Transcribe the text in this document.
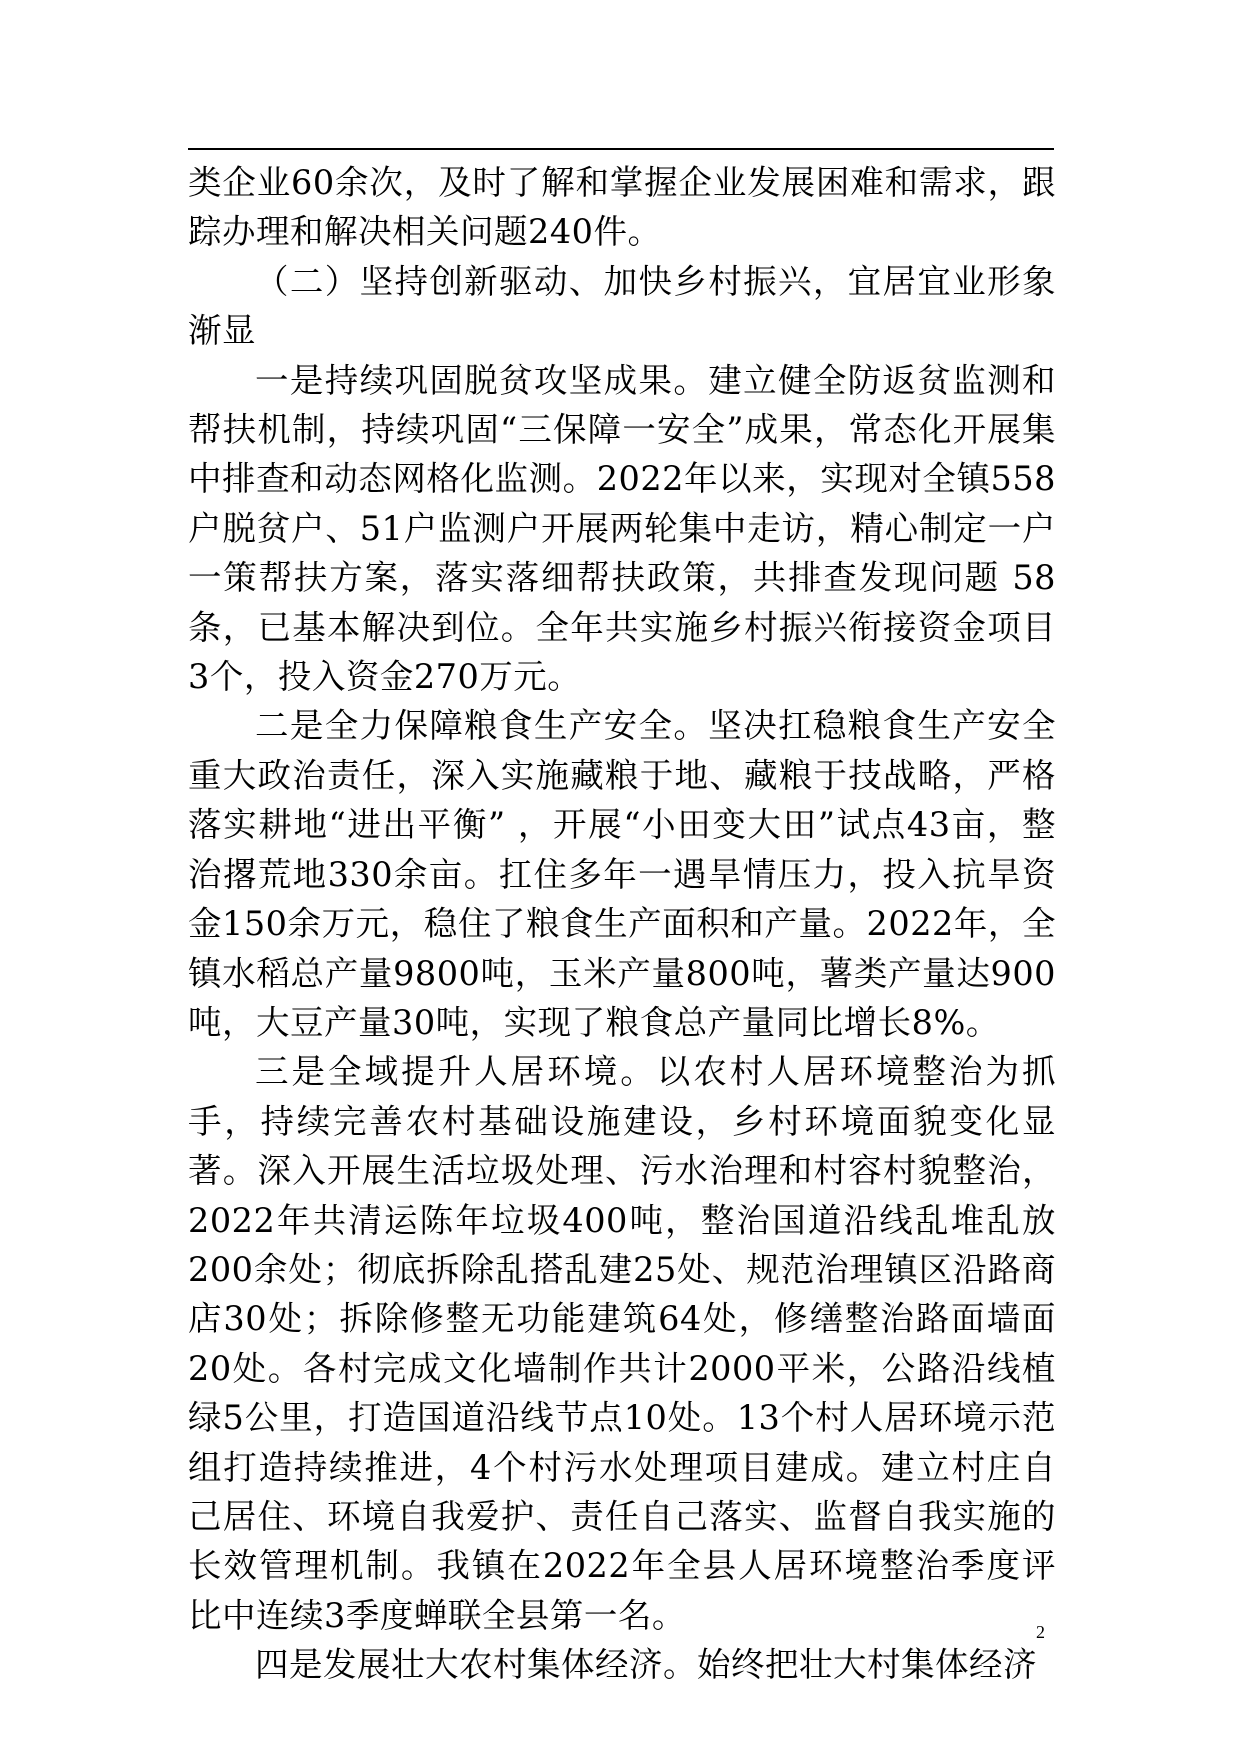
类企业60余次，及时了解和掌握企业发展困难和需求，跟踪办理和解决相关问题240件。

（二）坚持创新驱动、加快乡村振兴，宜居宜业形象渐显

一是持续巩固脱贫攻坚成果。建立健全防返贫监测和帮扶机制，持续巩固“三保障一安全”成果，常态化开展集中排查和动态网格化监测。2022年以来，实现对全镇558户脱贫户、51户监测户开展两轮集中走访，精心制定一户一策帮扶方案，落实落细帮扶政策，共排查发现问题 58条，已基本解决到位。全年共实施乡村振兴衔接资金项目 3个，投入资金270万元。

二是全力保障粮食生产安全。坚决扛稳粮食生产安全重大政治责任，深入实施藏粮于地、藏粮于技战略，严格落实耕地“进出平衡” ，开展“小田变大田”试点43亩，整治撂荒地330余亩。扛住多年一遇旱情压力，投入抗旱资金150余万元，稳住了粮食生产面积和产量。2022年，全镇水稻总产量9800吨，玉米产量800吨，薯类产量达900吨，大豆产量30吨，实现了粮食总产量同比增长8%。

三是全域提升人居环境。以农村人居环境整治为抓手，持续完善农村基础设施建设，乡村环境面貌变化显著。深入开展生活垃圾处理、污水治理和村容村貌整治，2022年共清运陈年垃圾400吨，整治国道沿线乱堆乱放200余处；彻底拆除乱搭乱建25处、规范治理镇区沿路商店30处；拆除修整无功能建筑64处，修缮整治路面墙面20处。各村完成文化墙制作共计2000平米，公路沿线植绿5公里，打造国道沿线节点10处。13个村人居环境示范组打造持续推进，4个村污水处理项目建成。建立村庄自己居住、环境自我爱护、责任自己落实、监督自我实施的长效管理机制。我镇在2022年全县人居环境整治季度评比中连续3季度蝉联全县第一名。

四是发展壮大农村集体经济。始终把壮大村集体经济

2
